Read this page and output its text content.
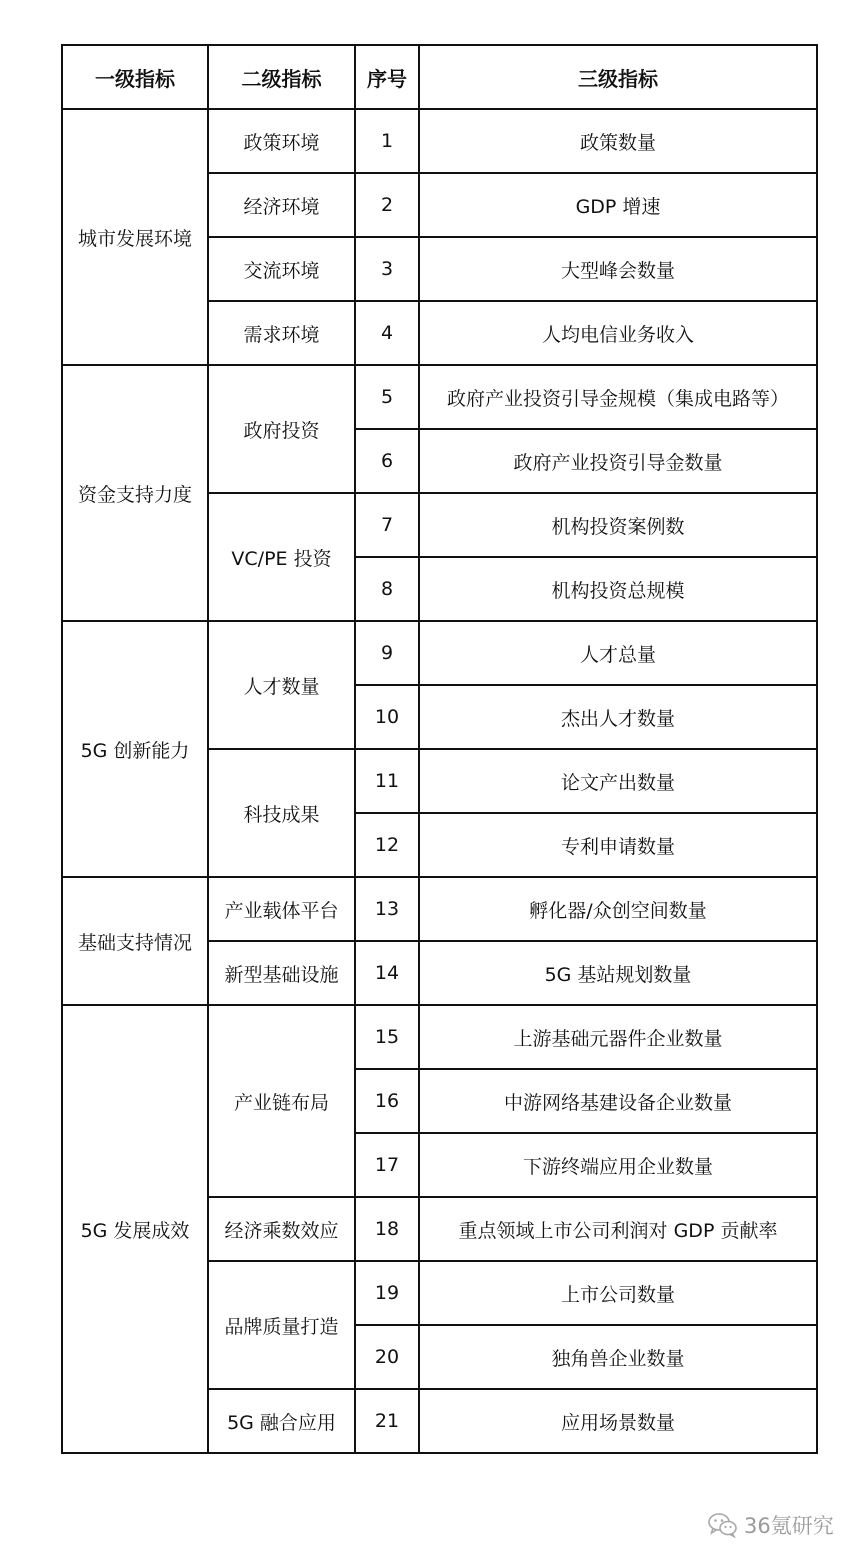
一级指标	二级指标	序号	三级指标
城市发展环境	政策环境	1	政策数量
	经济环境	2	GDP 增速
	交流环境	3	大型峰会数量
	需求环境	4	人均电信业务收入
资金支持力度	政府投资	5	政府产业投资引导金规模（集成电路等）
		6	政府产业投资引导金数量
	VC/PE 投资	7	机构投资案例数
		8	机构投资总规模
5G 创新能力	人才数量	9	人才总量
		10	杰出人才数量
	科技成果	11	论文产出数量
		12	专利申请数量
基础支持情况	产业载体平台	13	孵化器/众创空间数量
	新型基础设施	14	5G 基站规划数量
5G 发展成效	产业链布局	15	上游基础元器件企业数量
		16	中游网络基建设备企业数量
		17	下游终端应用企业数量
	经济乘数效应	18	重点领域上市公司利润对 GDP 贡献率
	品牌质量打造	19	上市公司数量
		20	独角兽企业数量
	5G 融合应用	21	应用场景数量
36氪研究
